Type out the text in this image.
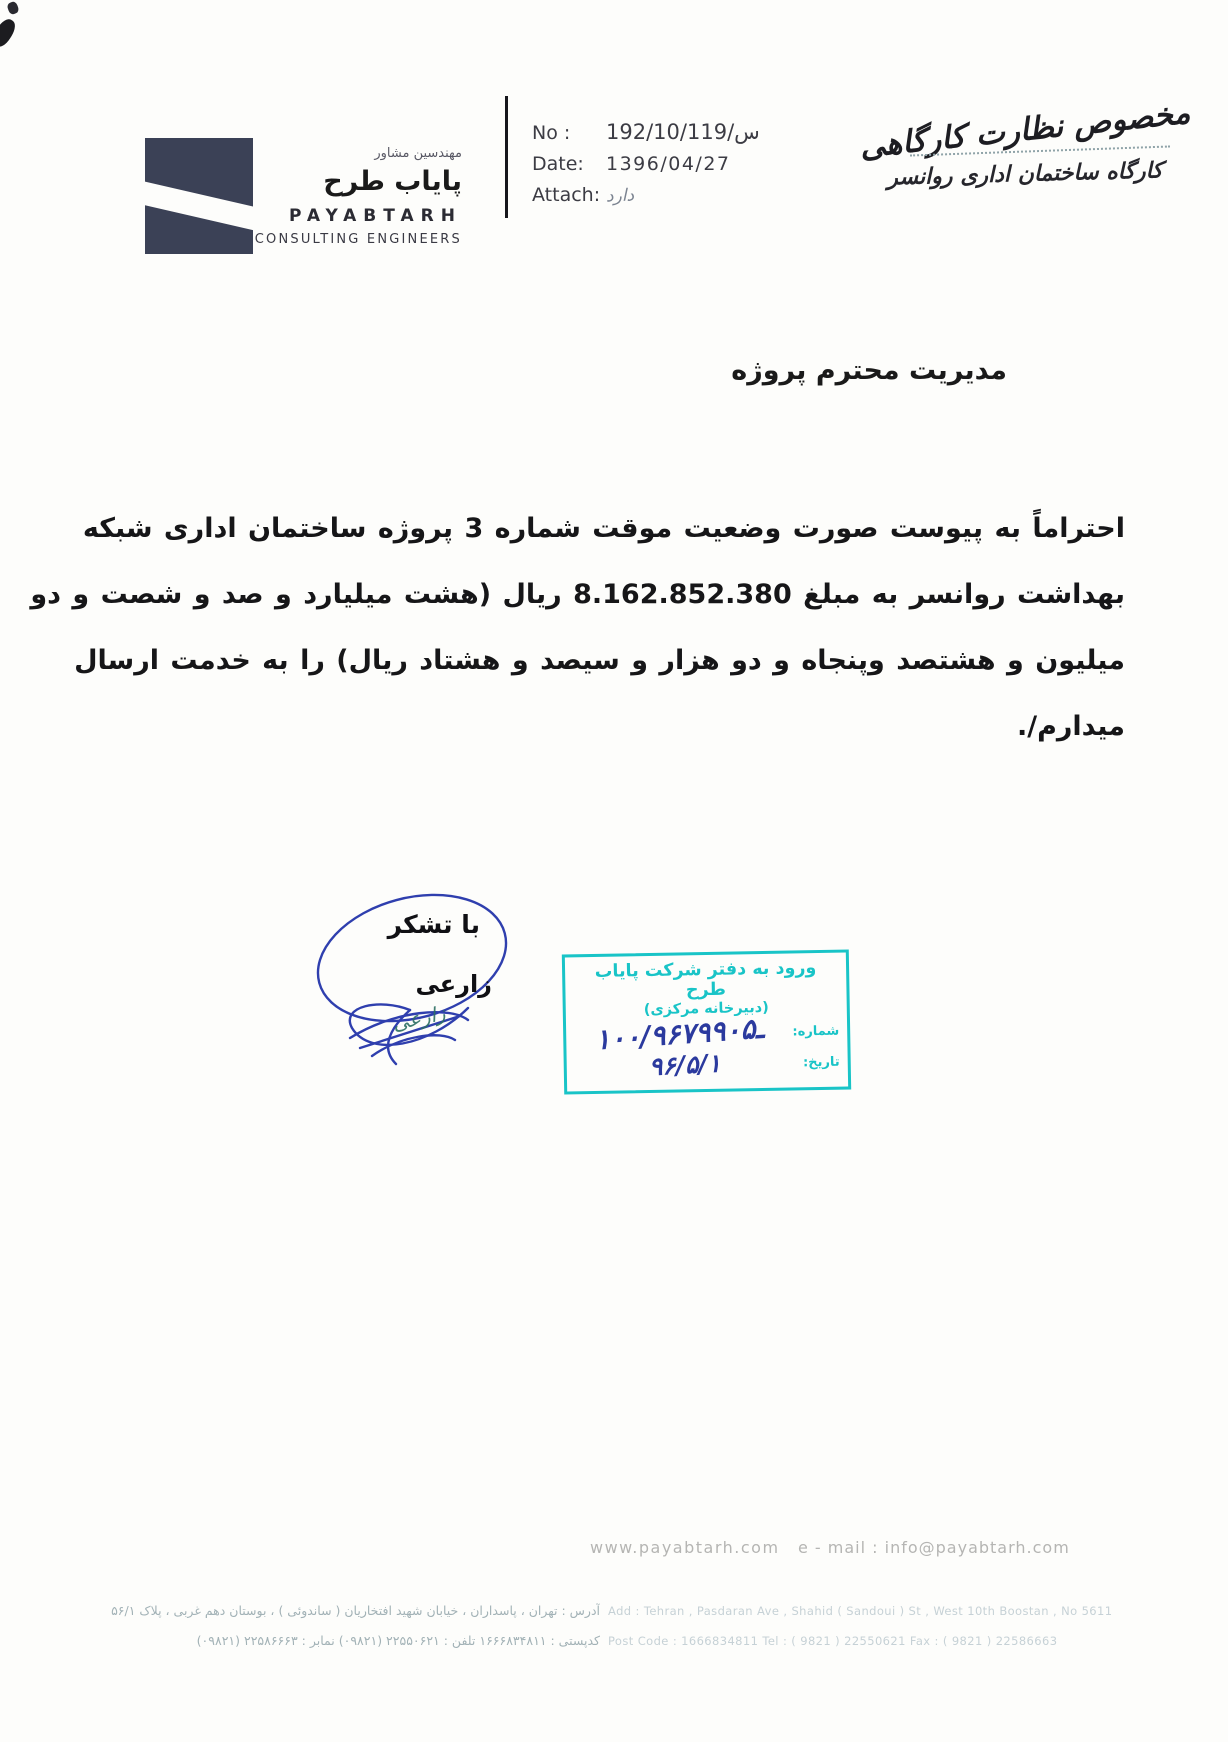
مهندسین مشاور
پایاب طرح
PAYABTARH
CONSULTING ENGINEERS
No :	192/10/س/119
Date:	1396/04/27
Attach: دارد
مخصوص نظارت کارگاهی
کارگاه ساختمان اداری روانسر
مدیریت محترم پروژه
احتراماً به پیوست صورت وضعیت موقت شماره 3 پروژه ساختمان اداری شبکه
بهداشت روانسر به مبلغ 8.162.852.380 ریال (هشت میلیارد و صد و شصت و دو
میلیون و هشتصد وپنجاه و دو هزار و سیصد و هشتاد ریال) را به خدمت ارسال
میدارم/.
با تشکر
زارعی
زارعی
ورود به دفتر شرکت پایاب طرح
(دبیرخانه مرکزی)
شماره:
۱۰۰/۹۶ـ۷۹۹۰۵
تاریخ:
۹۶/۵/۱
www.payabtarh.com e - mail : info@payabtarh.com
آدرس : تهران ، پاسداران ، خیابان شهید افتخاریان ( ساندوئی ) ، بوستان دهم غربی ، پلاک ۵۶/۱
کدپستی : ۱۶۶۶۸۳۴۸۱۱ تلفن : ۲۲۵۵۰۶۲۱ (۰۹۸۲۱) نمابر : ۲۲۵۸۶۶۶۳ (۰۹۸۲۱)
Add : Tehran , Pasdaran Ave , Shahid ( Sandoui ) St , West 10th Boostan , No 5611
Post Code : 1666834811 Tel : ( 9821 ) 22550621 Fax : ( 9821 ) 22586663
